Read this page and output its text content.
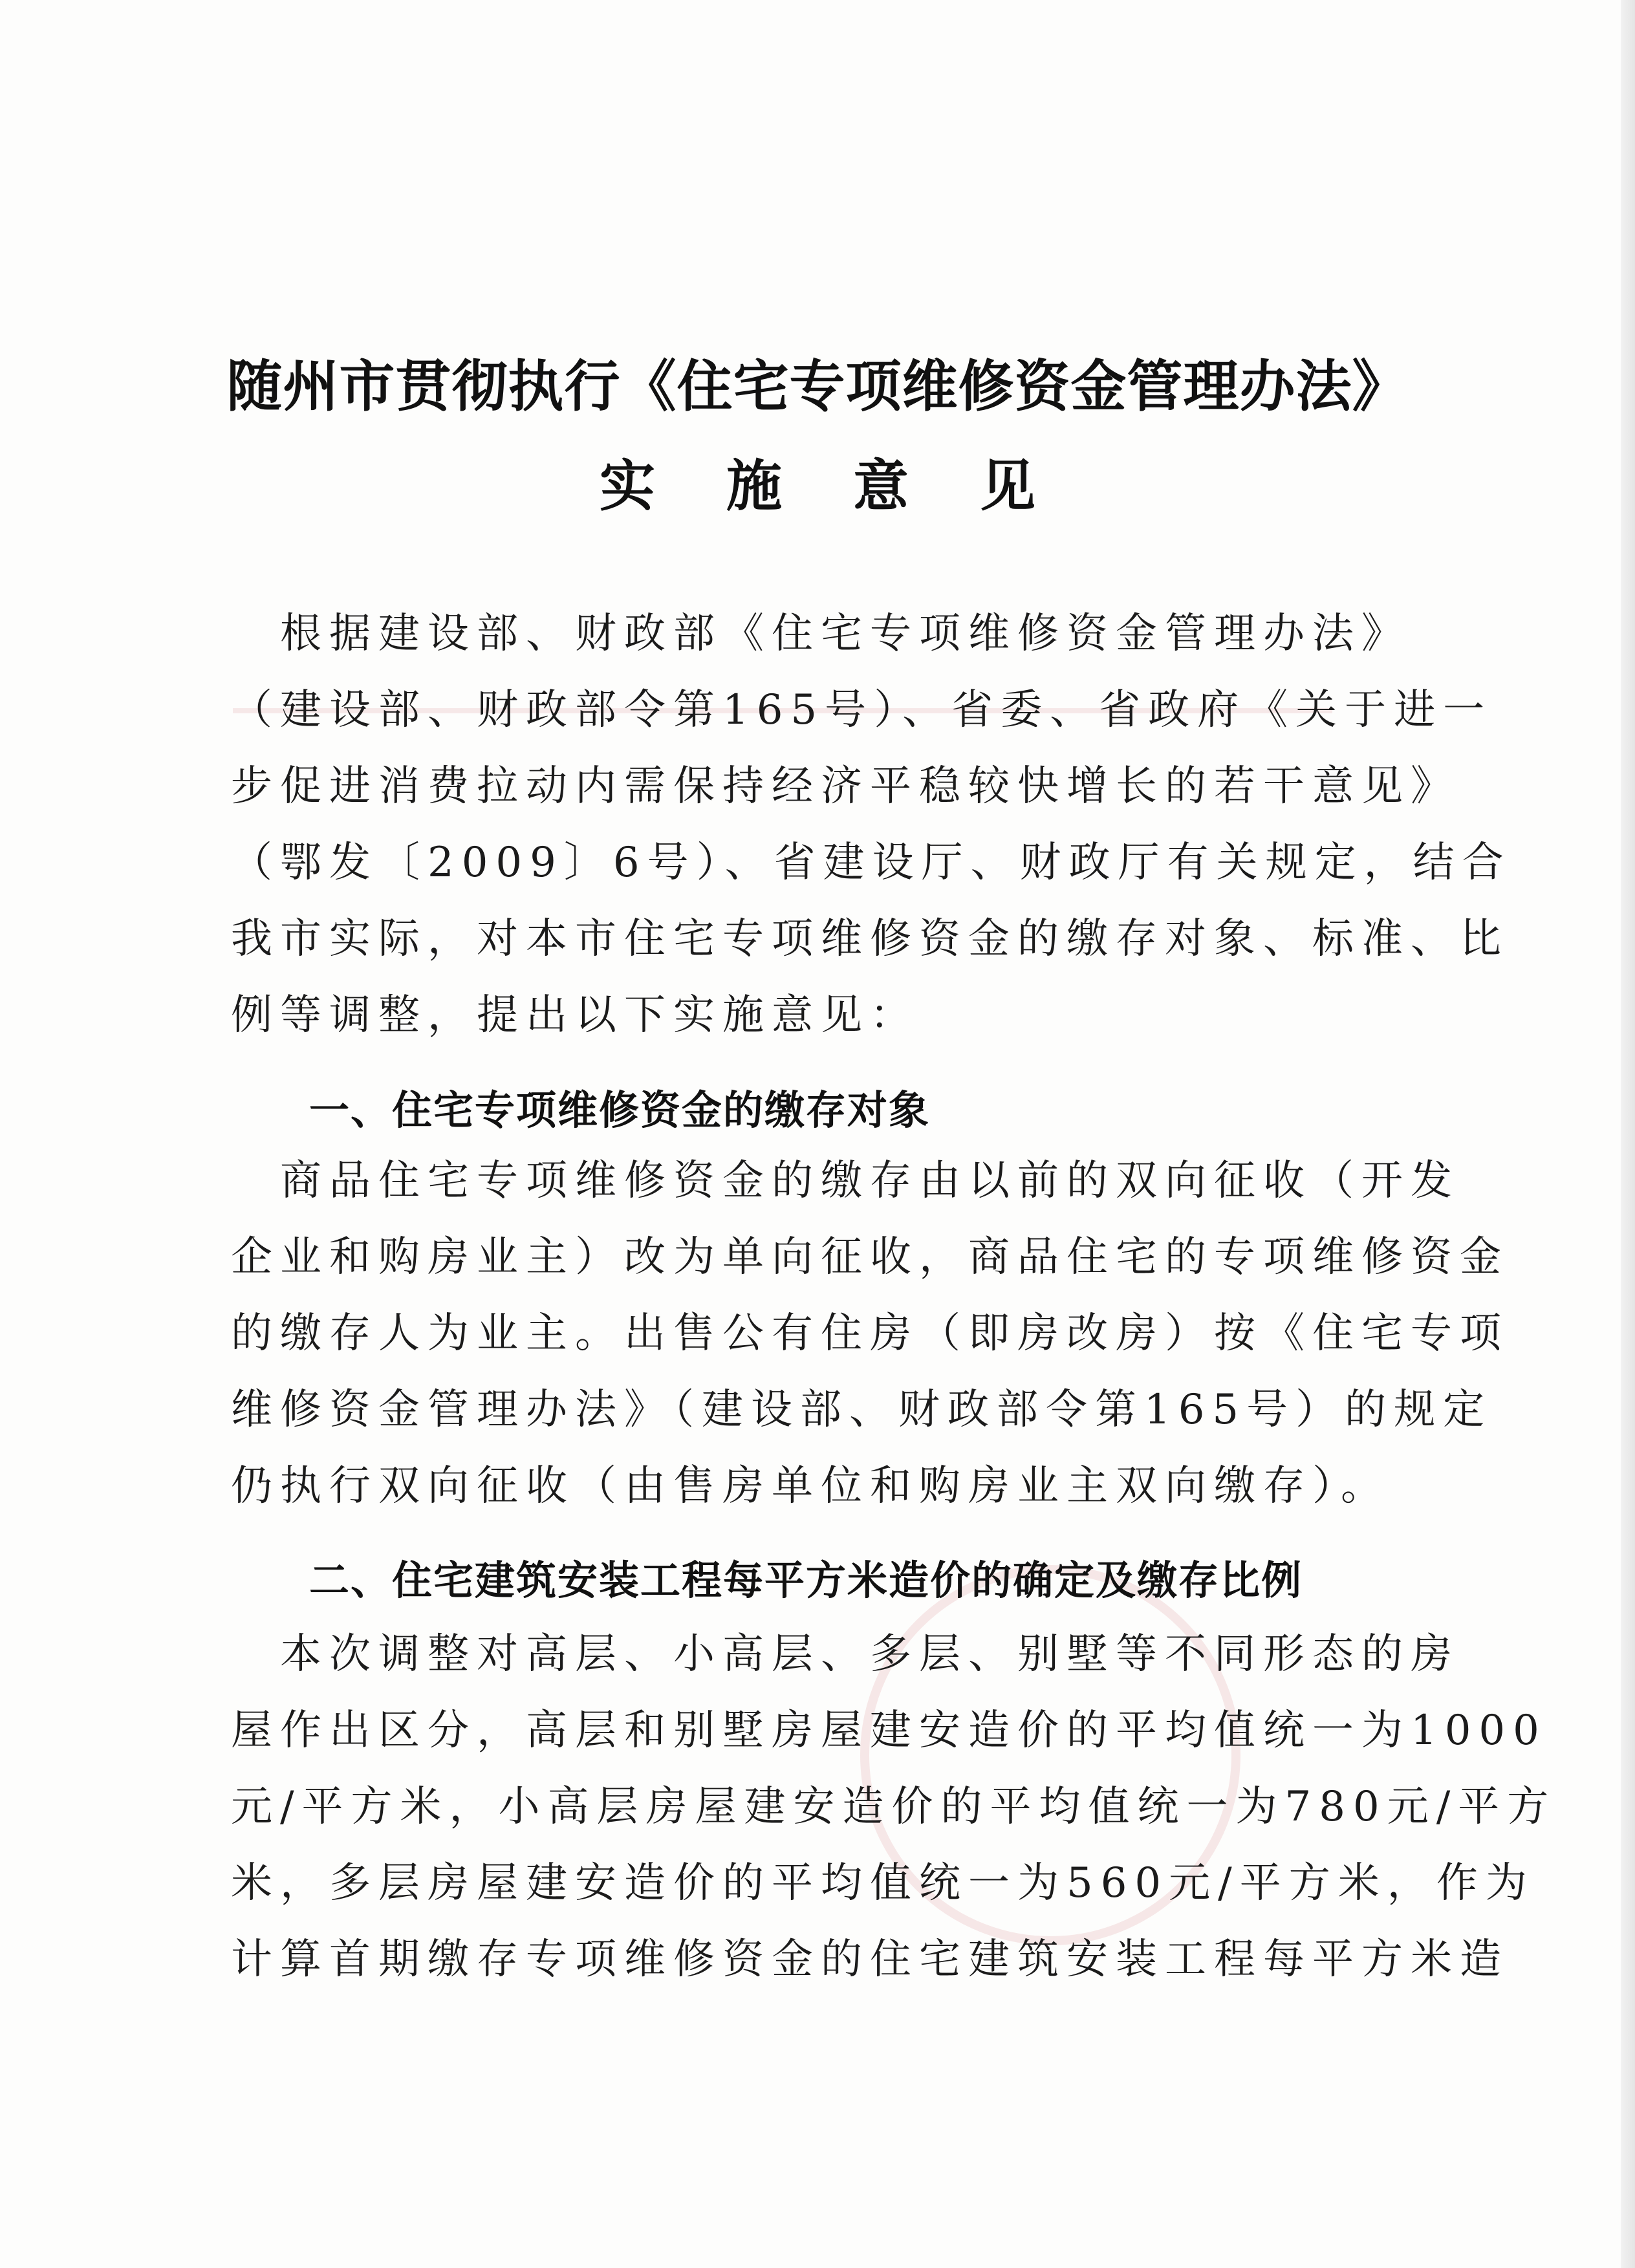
随州市贯彻执行《住宅专项维修资金管理办法》
实施意见
　根据建设部、财政部《住宅专项维修资金管理办法》
（建设部、财政部令第165号）、省委、省政府《关于进一
步促进消费拉动内需保持经济平稳较快增长的若干意见》
（鄂发〔2009〕6号）、省建设厅、财政厅有关规定，结合
我市实际，对本市住宅专项维修资金的缴存对象、标准、比
例等调整，提出以下实施意见：
一、住宅专项维修资金的缴存对象
　商品住宅专项维修资金的缴存由以前的双向征收（开发
企业和购房业主）改为单向征收，商品住宅的专项维修资金
的缴存人为业主。出售公有住房（即房改房）按《住宅专项
维修资金管理办法》（建设部、财政部令第165号）的规定
仍执行双向征收（由售房单位和购房业主双向缴存）。
二、住宅建筑安装工程每平方米造价的确定及缴存比例
　本次调整对高层、小高层、多层、别墅等不同形态的房
屋作出区分，高层和别墅房屋建安造价的平均值统一为1000
元/平方米，小高层房屋建安造价的平均值统一为780元/平方
米，多层房屋建安造价的平均值统一为560元/平方米，作为
计算首期缴存专项维修资金的住宅建筑安装工程每平方米造
